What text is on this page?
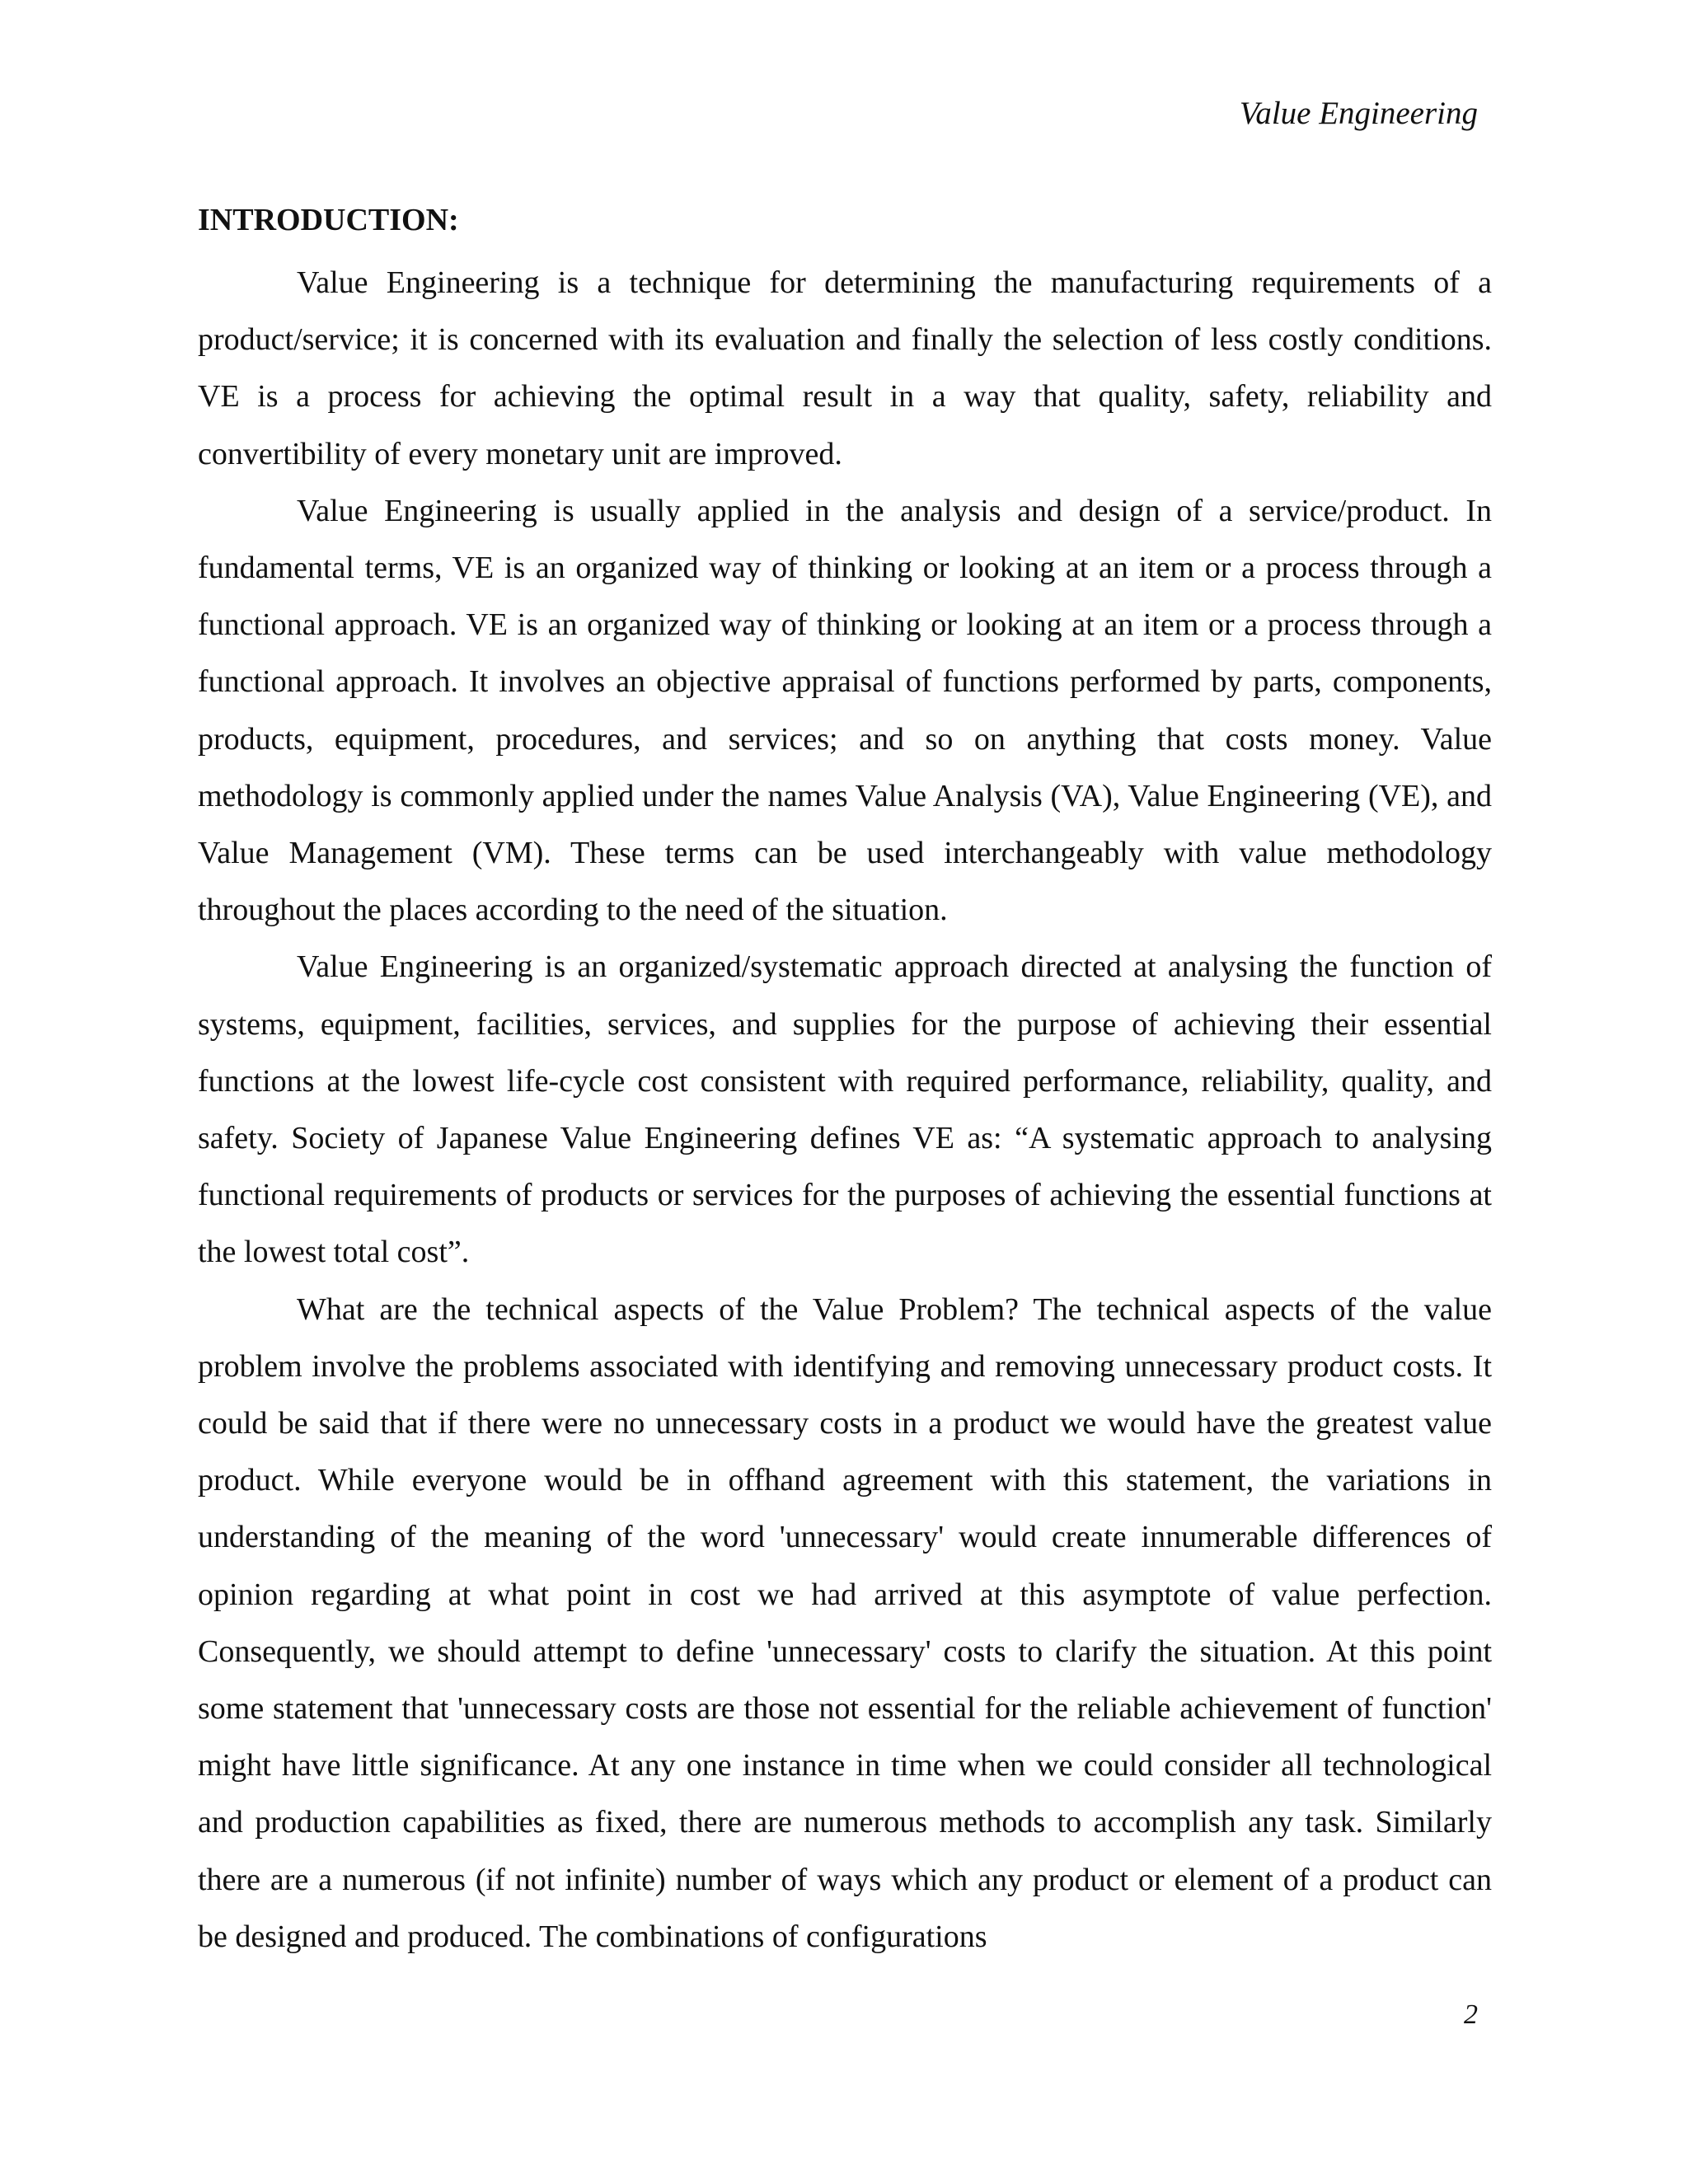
Value Engineering
INTRODUCTION:

Value Engineering is a technique for determining the manufacturing requirements of a product/service; it is concerned with its evaluation and finally the selection of less costly conditions. VE is a process for achieving the optimal result in a way that quality, safety, reliability and convertibility of every monetary unit are improved.

Value Engineering is usually applied in the analysis and design of a service/product. In fundamental terms, VE is an organized way of thinking or looking at an item or a process through a functional approach. VE is an organized way of thinking or looking at an item or a process through a functional approach. It involves an objective appraisal of functions performed by parts, components, products, equipment, procedures, and services; and so on anything that costs money. Value methodology is commonly applied under the names Value Analysis (VA), Value Engineering (VE), and Value Management (VM). These terms can be used interchangeably with value methodology throughout the places according to the need of the situation.

Value Engineering is an organized/systematic approach directed at analysing the function of systems, equipment, facilities, services, and supplies for the purpose of achieving their essential functions at the lowest life-cycle cost consistent with required performance, reliability, quality, and safety. Society of Japanese Value Engineering defines VE as: “A systematic approach to analysing functional requirements of products or services for the purposes of achieving the essential functions at the lowest total cost”.

What are the technical aspects of the Value Problem? The technical aspects of the value problem involve the problems associated with identifying and removing unnecessary product costs. It could be said that if there were no unnecessary costs in a product we would have the greatest value product. While everyone would be in offhand agreement with this statement, the variations in understanding of the meaning of the word 'unnecessary' would create innumerable differences of opinion regarding at what point in cost we had arrived at this asymptote of value perfection. Consequently, we should attempt to define 'unnecessary' costs to clarify the situation. At this point some statement that 'unnecessary costs are those not essential for the reliable achievement of function' might have little significance. At any one instance in time when we could consider all technological and production capabilities as fixed, there are numerous methods to accomplish any task. Similarly there are a numerous (if not infinite) number of ways which any product or element of a product can be designed and produced. The combinations of configurations

2
